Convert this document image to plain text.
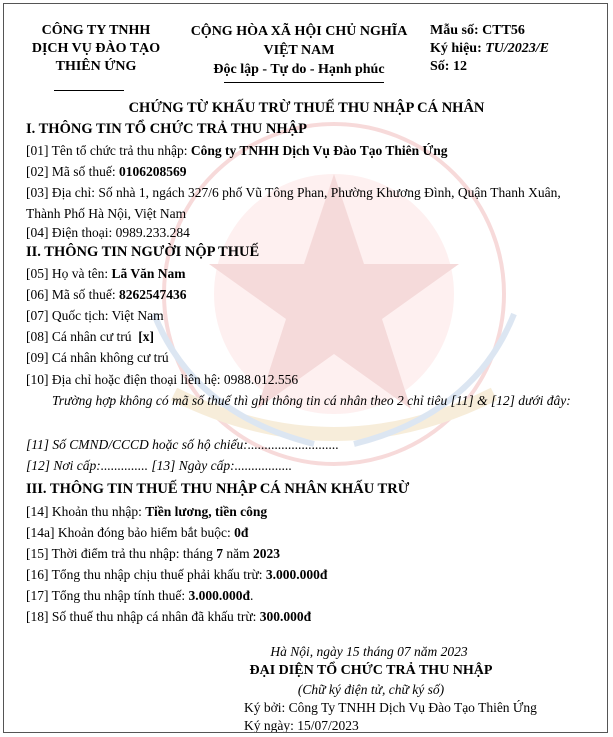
CÔNG TY TNHH
DỊCH VỤ ĐÀO TẠO
THIÊN ỨNG
CỘNG HÒA XÃ HỘI CHỦ NGHĨA
VIỆT NAM
Độc lập - Tự do - Hạnh phúc
Mẫu số: CTT56
Ký hiệu: TU/2023/E
Số: 12
CHỨNG TỪ KHẤU TRỪ THUẾ THU NHẬP CÁ NHÂN
I. THÔNG TIN TỔ CHỨC TRẢ THU NHẬP
[01] Tên tổ chức trả thu nhập: Công ty TNHH Dịch Vụ Đào Tạo Thiên Ứng
[02] Mã số thuế: 0106208569
[03] Địa chỉ: Số nhà 1, ngách 327/6 phố Vũ Tông Phan, Phường Khương Đình, Quận Thanh Xuân, Thành Phố Hà Nội, Việt Nam
[04] Điện thoại: 0989.233.284
II. THÔNG TIN NGƯỜI NỘP THUẾ
[05] Họ và tên: Lã Văn Nam
[06] Mã số thuế: 8262547436
[07] Quốc tịch: Việt Nam
[08] Cá nhân cư trú [x]
[09] Cá nhân không cư trú
[10] Địa chỉ hoặc điện thoại liên hệ: 0988.012.556
Trường hợp không có mã số thuế thì ghi thông tin cá nhân theo 2 chỉ tiêu [11] & [12] dưới đây:
[11] Số CMND/CCCD hoặc số hộ chiếu:...........................
[12] Nơi cấp:.............. [13] Ngày cấp:.................
III. THÔNG TIN THUẾ THU NHẬP CÁ NHÂN KHẤU TRỪ
[14] Khoản thu nhập: Tiền lương, tiền công
[14a] Khoản đóng bảo hiểm bắt buộc: 0đ
[15] Thời điểm trả thu nhập: tháng 7 năm 2023
[16] Tổng thu nhập chịu thuế phải khấu trừ: 3.000.000đ
[17] Tổng thu nhập tính thuế: 3.000.000đ.
[18] Số thuế thu nhập cá nhân đã khấu trừ: 300.000đ
Hà Nội, ngày 15 tháng 07 năm 2023
ĐẠI DIỆN TỔ CHỨC TRẢ THU NHẬP
(Chữ ký điện tử, chữ ký số)
Ký bởi: Công Ty TNHH Dịch Vụ Đào Tạo Thiên Ứng
Ký ngày: 15/07/2023
